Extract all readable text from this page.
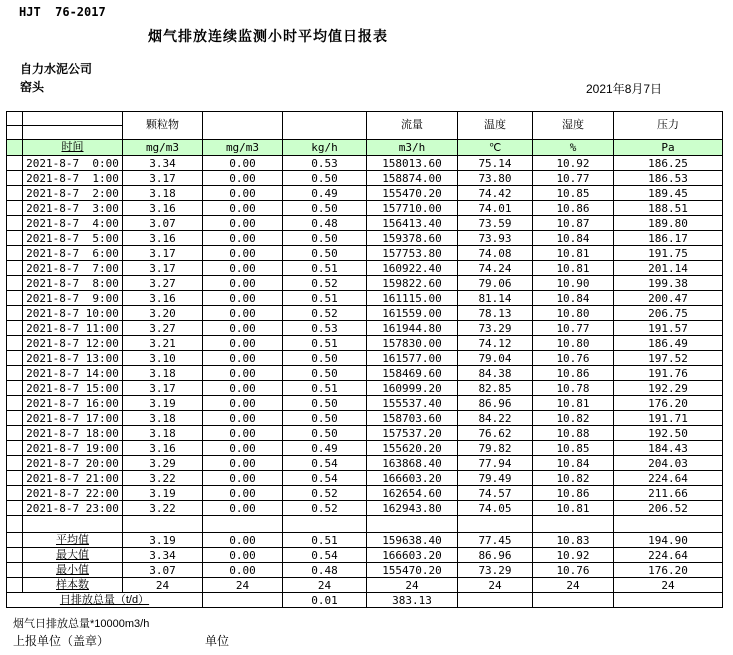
HJT  76-2017
烟气排放连续监测小时平均值日报表
自力水泥公司
窑头	2021年8月7日
		颗粒物			流量	温度	湿度	压力

	时间	mg/m3	mg/m3	kg/h	m3/h	℃	%	Pa
	2021-8-7  0:00	3.34	0.00	0.53	158013.60	75.14	10.92	186.25
	2021-8-7  1:00	3.17	0.00	0.50	158874.00	73.80	10.77	186.53
	2021-8-7  2:00	3.18	0.00	0.49	155470.20	74.42	10.85	189.45
	2021-8-7  3:00	3.16	0.00	0.50	157710.00	74.01	10.86	188.51
	2021-8-7  4:00	3.07	0.00	0.48	156413.40	73.59	10.87	189.80
	2021-8-7  5:00	3.16	0.00	0.50	159378.60	73.93	10.84	186.17
	2021-8-7  6:00	3.17	0.00	0.50	157753.80	74.08	10.81	191.75
	2021-8-7  7:00	3.17	0.00	0.51	160922.40	74.24	10.81	201.14
	2021-8-7  8:00	3.27	0.00	0.52	159822.60	79.06	10.90	199.38
	2021-8-7  9:00	3.16	0.00	0.51	161115.00	81.14	10.84	200.47
	2021-8-7 10:00	3.20	0.00	0.52	161559.00	78.13	10.80	206.75
	2021-8-7 11:00	3.27	0.00	0.53	161944.80	73.29	10.77	191.57
	2021-8-7 12:00	3.21	0.00	0.51	157830.00	74.12	10.80	186.49
	2021-8-7 13:00	3.10	0.00	0.50	161577.00	79.04	10.76	197.52
	2021-8-7 14:00	3.18	0.00	0.50	158469.60	84.38	10.86	191.76
	2021-8-7 15:00	3.17	0.00	0.51	160999.20	82.85	10.78	192.29
	2021-8-7 16:00	3.19	0.00	0.50	155537.40	86.96	10.81	176.20
	2021-8-7 17:00	3.18	0.00	0.50	158703.60	84.22	10.82	191.71
	2021-8-7 18:00	3.18	0.00	0.50	157537.20	76.62	10.88	192.50
	2021-8-7 19:00	3.16	0.00	0.49	155620.20	79.82	10.85	184.43
	2021-8-7 20:00	3.29	0.00	0.54	163868.40	77.94	10.84	204.03
	2021-8-7 21:00	3.22	0.00	0.54	166603.20	79.49	10.82	224.64
	2021-8-7 22:00	3.19	0.00	0.52	162654.60	74.57	10.86	211.66
	2021-8-7 23:00	3.22	0.00	0.52	162943.80	74.05	10.81	206.52

	平均值	3.19	0.00	0.51	159638.40	77.45	10.83	194.90
	最大值	3.34	0.00	0.54	166603.20	86.96	10.92	224.64
	最小值	3.07	0.00	0.48	155470.20	73.29	10.76	176.20
	样本数	24	24	24	24	24	24	24
日排放总量（t/d）				0.01	383.13			
烟气日排放总量*10000m3/h
上报单位（盖章）	单位
